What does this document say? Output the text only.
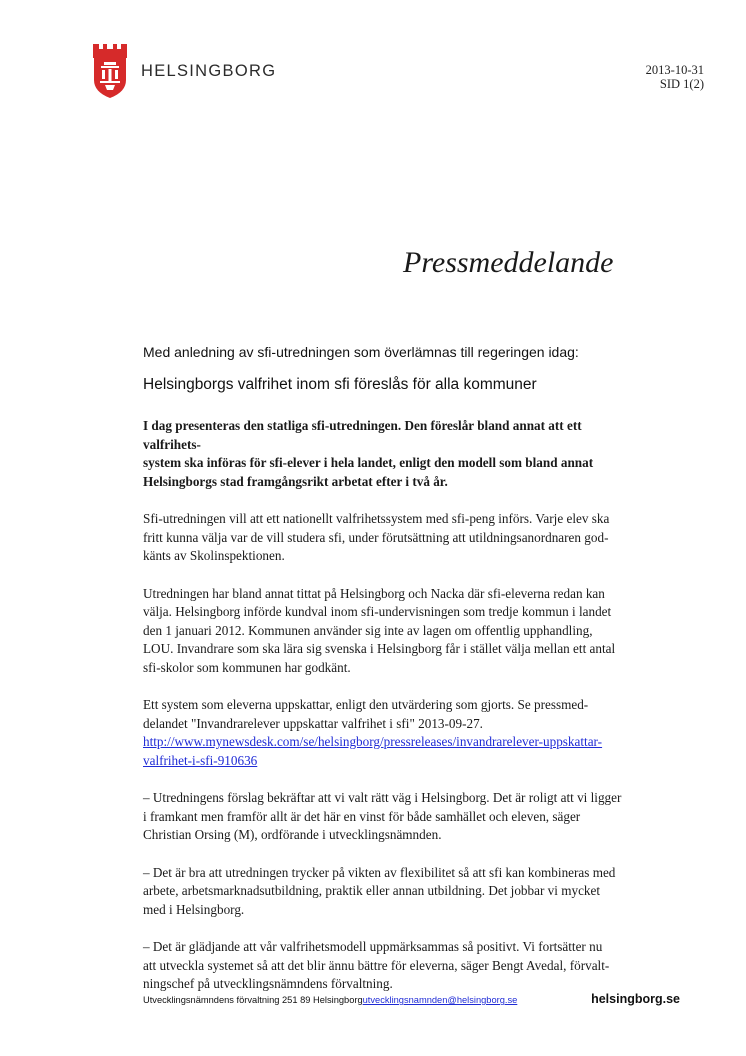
HELSINGBORG	2013-10-31
SID 1(2)
Pressmeddelande
Med anledning av sfi-utredningen som överlämnas till regeringen idag:
Helsingborgs valfrihet inom sfi föreslås för alla kommuner

I dag presenteras den statliga sfi-utredningen. Den föreslår bland annat att ett valfrihets-
system ska införas för sfi-elever i hela landet, enligt den modell som bland annat
Helsingborgs stad framgångsrikt arbetat efter i två år.

Sfi-utredningen vill att ett nationellt valfrihetssystem med sfi-peng införs. Varje elev ska
fritt kunna välja var de vill studera sfi, under förutsättning att utildningsanordnaren god-
känts av Skolinspektionen.

Utredningen har bland annat tittat på Helsingborg och Nacka där sfi-eleverna redan kan
välja. Helsingborg införde kundval inom sfi-undervisningen som tredje kommun i landet
den 1 januari 2012. Kommunen använder sig inte av lagen om offentlig upphandling,
LOU. Invandrare som ska lära sig svenska i Helsingborg får i stället välja mellan ett antal
sfi-skolor som kommunen har godkänt.

Ett system som eleverna uppskattar, enligt den utvärdering som gjorts. Se pressmed-
delandet "Invandrarelever uppskattar valfrihet i sfi" 2013-09-27.
http://www.mynewsdesk.com/se/helsingborg/pressreleases/invandrarelever-uppskattar-
valfrihet-i-sfi-910636

– Utredningens förslag bekräftar att vi valt rätt väg i Helsingborg. Det är roligt att vi ligger
i framkant men framför allt är det här en vinst för både samhället och eleven, säger
Christian Orsing (M), ordförande i utvecklingsnämnden.

– Det är bra att utredningen trycker på vikten av flexibilitet så att sfi kan kombineras med
arbete, arbetsmarknadsutbildning, praktik eller annan utbildning. Det jobbar vi mycket
med i Helsingborg.

– Det är glädjande att vår valfrihetsmodell uppmärksammas så positivt. Vi fortsätter nu
att utveckla systemet så att det blir ännu bättre för eleverna, säger Bengt Avedal, förvalt-
ningschef på utvecklingsnämndens förvaltning.

Utvecklingsnämndens förvaltning 251 89 Helsingborgutvecklingsnamnden@helsingborg.se	helsingborg.se
